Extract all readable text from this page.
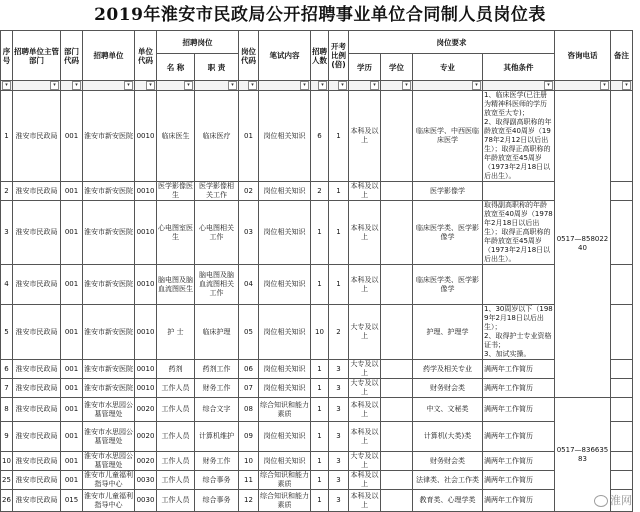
2019年淮安市民政局公开招聘事业单位合同制人员岗位表
序号	招聘单位主管部门	部门代码	招聘单位	单位代码	招聘岗位		岗位代码	笔试内容	招聘人数	开考比例(倍)	岗位要求				咨询电话	备注
					名 称	职 责					学历	学位	专业	其他条件		

▾	▾	▾	▾	▾	▾	▾	▾	▾	▾	▾	▾	▾	▾	▾	▾	▾

1	淮安市民政局	001	淮安市新安医院	0010	临床医生	临床医疗	01	岗位相关知识	6	1	本科及以上		临床医学、中西医临床医学	1、临床医学(已注册为精神科医师的学历放宽至大专)；
2、取得副高职称的年龄放宽至40周岁（1978年2月12日以后出生）；取得正高职称的年龄放宽至45周岁（1973年2月18日以后出生）。	0517—85802240	
2	淮安市民政局	001	淮安市新安医院	0010	医学影像医生	医学影像相关工作	02	岗位相关知识	2	1	本科及以上		医学影像学			
3	淮安市民政局	001	淮安市新安医院	0010	心电图室医生	心电图相关工作	03	岗位相关知识	1	1	本科及以上		临床医学类、医学影像学	取得副高职称的年龄放宽至40周岁（1978年2月18日以后出生）；取得正高职称的年龄放宽至45周岁（1973年2月18日以后出生）。		
4	淮安市民政局	001	淮安市新安医院	0010	脑电图及脑血流图医生	脑电图及脑血流图相关工作	04	岗位相关知识	1	1	本科及以上		临床医学类、医学影像学			
5	淮安市民政局	001	淮安市新安医院	0010	护 士	临床护理	05	岗位相关知识	10	2	大专及以上		护理、护理学	1、30周岁以下（1989年2月18日以后出生）；
2、取得护士专业资格证书；
3、加试实操。		
6	淮安市民政局	001	淮安市新安医院	0010	药剂	药剂工作	06	岗位相关知识	1	3	大专及以上		药学及相关专业	满两年工作简历		
7	淮安市民政局	001	淮安市新安医院	0010	工作人员	财务工作	07	岗位相关知识	1	3	大专及以上		财务财会类	满两年工作简历		
8	淮安市民政局	001	淮安市水思园公墓管理处	0020	工作人员	综合文字	08	综合知识和能力素质	1	3	本科及以上		中文、文秘类	满两年工作简历	0517—83663583	
9	淮安市民政局	001	淮安市水思园公墓管理处	0020	工作人员	计算机维护	09	岗位相关知识	1	3	本科及以上		计算机(大类)类	满两年工作简历		
10	淮安市民政局	001	淮安市水思园公墓管理处	0020	工作人员	财务工作	10	岗位相关知识	1	3	大专及以上		财务财会类	满两年工作简历		
25	淮安市民政局	001	淮安市儿童福利指导中心	0030	工作人员	综合事务	11	综合知识和能力素质	1	3	本科及以上		法律类、社会工作类	满两年工作简历		
26	淮安市民政局	015	淮安市儿童福利指导中心	0030	工作人员	综合事务	12	综合知识和能力素质	1	3	本科及以上		教育类、心理学类	满两年工作简历			淮网
